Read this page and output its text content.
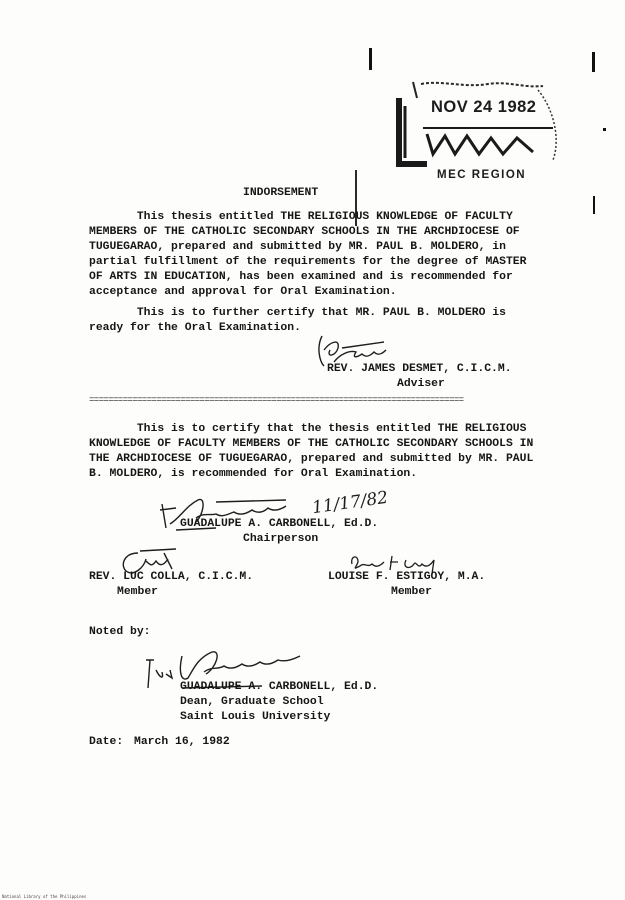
NOV 24 1982
MEC REGION
INDORSEMENT
This thesis entitled THE RELIGIOUS KNOWLEDGE OF FACULTY
MEMBERS OF THE CATHOLIC SECONDARY SCHOOLS IN THE ARCHDIOCESE OF
TUGUEGARAO, prepared and submitted by MR. PAUL B. MOLDERO, in
partial fulfillment of the requirements for the degree of MASTER
OF ARTS IN EDUCATION, has been examined and is recommended for
acceptance and approval for Oral Examination.
This is to further certify that MR. PAUL B. MOLDERO is
ready for the Oral Examination.
REV. JAMES DESMET, C.I.C.M.
Adviser
==============================================================================
This is to certify that the thesis entitled THE RELIGIOUS
KNOWLEDGE OF FACULTY MEMBERS OF THE CATHOLIC SECONDARY SCHOOLS IN
THE ARCHDIOCESE OF TUGUEGARAO, prepared and submitted by MR. PAUL
B. MOLDERO, is recommended for Oral Examination.
11/17/82
GUADALUPE A. CARBONELL, Ed.D.
Chairperson
REV. LUC COLLA, C.I.C.M.
Member
LOUISE F. ESTIGOY, M.A.
Member
Noted by:
GUADALUPE A. CARBONELL, Ed.D.
Dean, Graduate School
Saint Louis University
Date: March 16, 1982
National Library of the Philippines
